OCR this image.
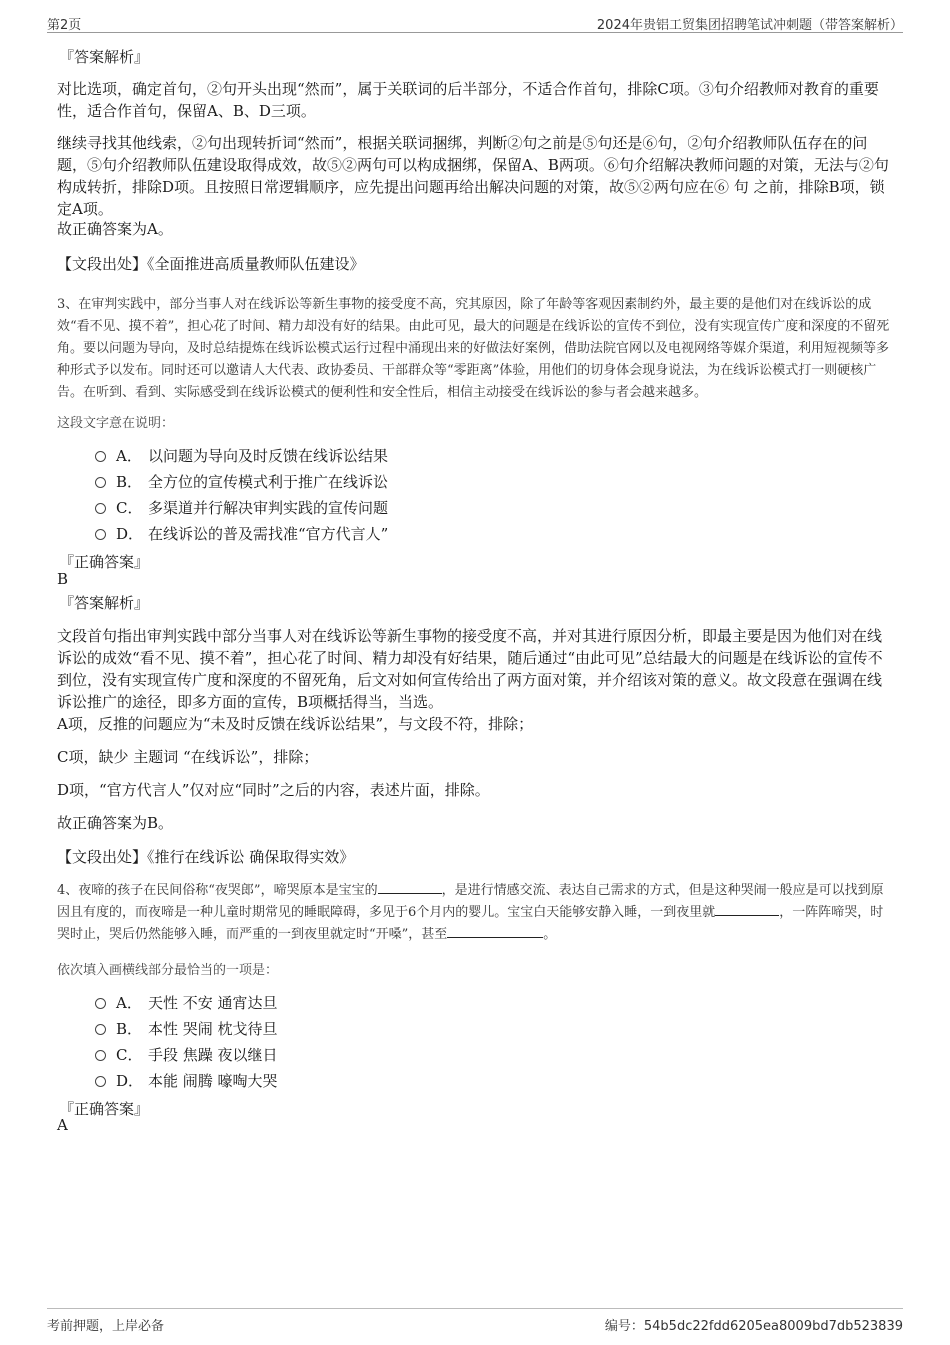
第2页	2024年贵铝工贸集团招聘笔试冲刺题（带答案解析）
『答案解析』
对比选项，确定首句，②句开头出现“然而”，属于关联词的后半部分，不适合作首句，排除C项。③句介绍教师对教育的重要性，适合作首句，保留A、B、D三项。
继续寻找其他线索，②句出现转折词“然而”，根据关联词捆绑，判断②句之前是⑤句还是⑥句，②句介绍教师队伍存在的问题，⑤句介绍教师队伍建设取得成效，故⑤②两句可以构成捆绑，保留A、B两项。⑥句介绍解决教师问题的对策，无法与②句构成转折，排除D项。且按照日常逻辑顺序，应先提出问题再给出解决问题的对策，故⑤②两句应在⑥ 句 之前，排除B项，锁定A项。
故正确答案为A。
【文段出处】《全面推进高质量教师队伍建设》
3、在审判实践中，部分当事人对在线诉讼等新生事物的接受度不高，究其原因，除了年龄等客观因素制约外，最主要的是他们对在线诉讼的成效“看不见、摸不着”，担心花了时间、精力却没有好的结果。由此可见，最大的问题是在线诉讼的宣传不到位，没有实现宣传广度和深度的不留死角。要以问题为导向，及时总结提炼在线诉讼模式运行过程中涌现出来的好做法好案例，借助法院官网以及电视网络等媒介渠道，利用短视频等多种形式予以发布。同时还可以邀请人大代表、政协委员、干部群众等“零距离”体验，用他们的切身体会现身说法，为在线诉讼模式打一则硬核广告。在听到、看到、实际感受到在线诉讼模式的便利性和安全性后，相信主动接受在线诉讼的参与者会越来越多。
这段文字意在说明：
A． 以问题为导向及时反馈在线诉讼结果
B． 全方位的宣传模式利于推广在线诉讼
C． 多渠道并行解决审判实践的宣传问题
D． 在线诉讼的普及需找准“官方代言人”
『正确答案』
B
『答案解析』
文段首句指出审判实践中部分当事人对在线诉讼等新生事物的接受度不高，并对其进行原因分析，即最主要是因为他们对在线诉讼的成效“看不见、摸不着”，担心花了时间、精力却没有好结果，随后通过“由此可见”总结最大的问题是在线诉讼的宣传不到位，没有实现宣传广度和深度的不留死角，后文对如何宣传给出了两方面对策，并介绍该对策的意义。故文段意在强调在线诉讼推广的途径，即多方面的宣传，B项概括得当，当选。
A项，反推的问题应为“未及时反馈在线诉讼结果”，与文段不符，排除；
C项，缺少 主题词 “在线诉讼”，排除；
D项，“官方代言人”仅对应“同时”之后的内容，表述片面，排除。
故正确答案为B。
【文段出处】《推行在线诉讼 确保取得实效》
4、夜啼的孩子在民间俗称“夜哭郎”，啼哭原本是宝宝的	，是进行情感交流、表达自己需求的方式，但是这种哭闹一般应是可以找到原因且有度的，而夜啼是一种儿童时期常见的睡眠障碍，多见于6个月内的婴儿。宝宝白天能够安静入睡，一到夜里就	，一阵阵啼哭，时哭时止，哭后仍然能够入睡，而严重的一到夜里就定时“开嗓”，甚至	。
依次填入画横线部分最恰当的一项是：
A． 天性 不安 通宵达旦
B． 本性 哭闹 枕戈待旦
C． 手段 焦躁 夜以继日
D． 本能 闹腾 嚎啕大哭
『正确答案』
A
考前押题，上岸必备	编号：54b5dc22fdd6205ea8009bd7db523839
